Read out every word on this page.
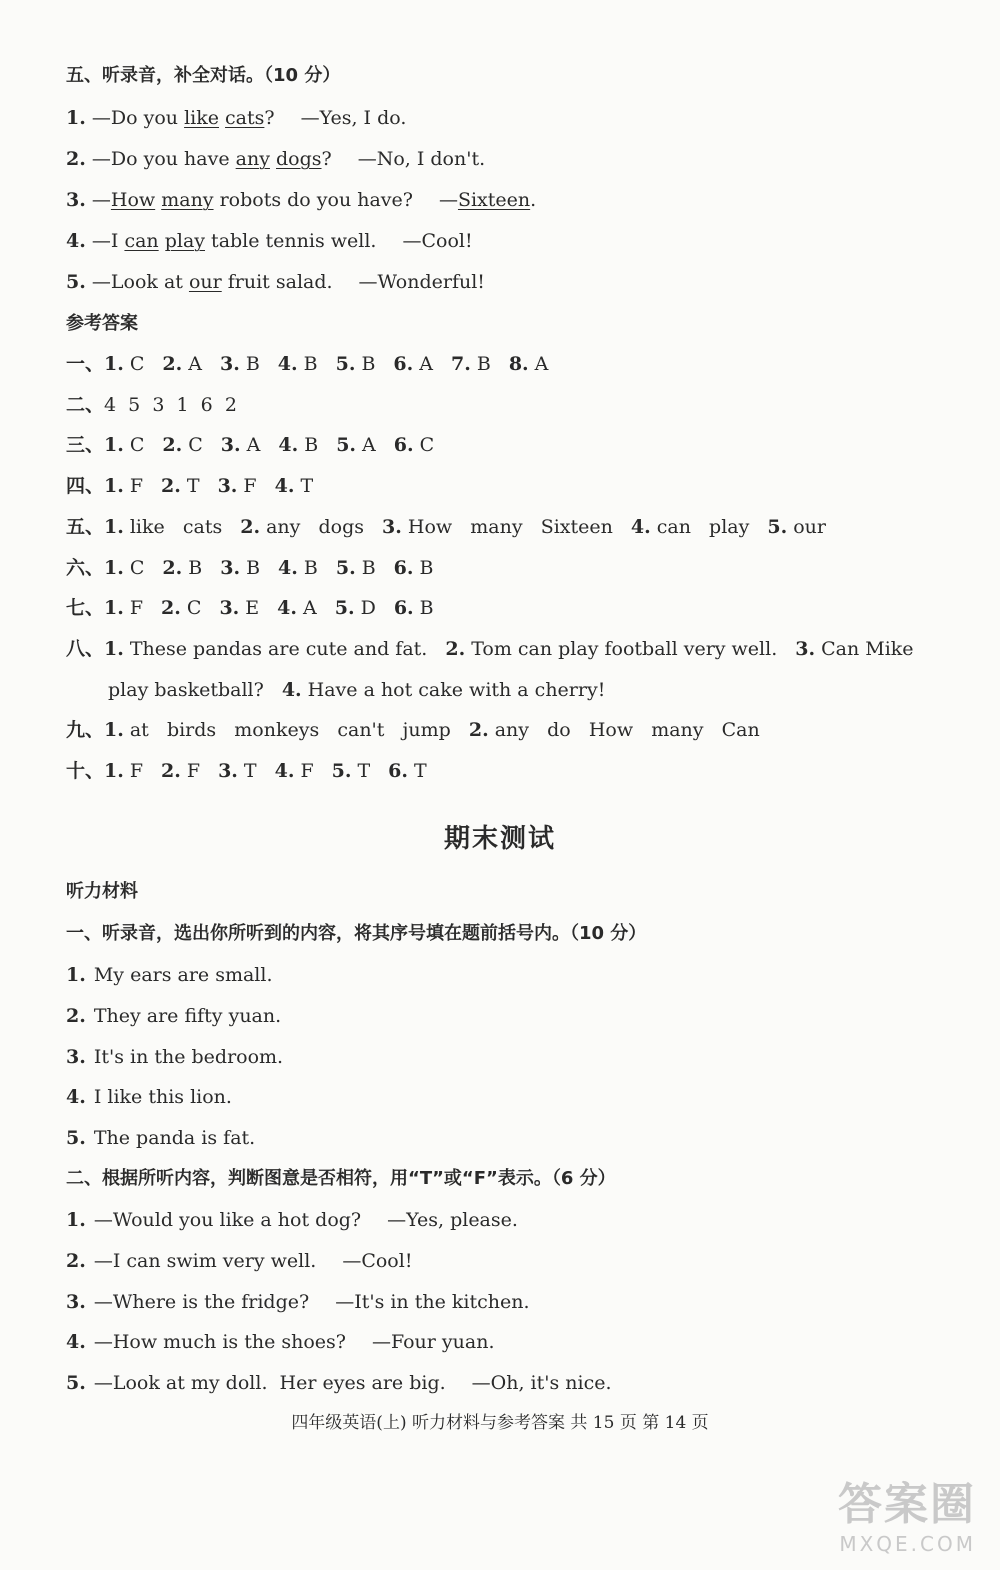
五、听录音，补全对话。（10 分）
1. —Do you like cats? —Yes, I do.
2. —Do you have any dogs? —No, I don't.
3. —How many robots do you have? —Sixteen.
4. —I can play table tennis well. —Cool!
5. —Look at our fruit salad. —Wonderful!
参考答案
一、1. C 2. A 3. B 4. B 5. B 6. A 7. B 8. A
二、4  5  3  1  6  2
三、1. C 2. C 3. A 4. B 5. A 6. C
四、1. F 2. T 3. F 4. T
五、1. like   cats 2. any   dogs 3. How   many   Sixteen 4. can   play 5. our
六、1. C 2. B 3. B 4. B 5. B 6. B
七、1. F 2. C 3. E 4. A 5. D 6. B
八、1. These pandas are cute and fat. 2. Tom can play football very well. 3. Can Mike
play basketball? 4. Have a hot cake with a cherry!
九、1. at   birds   monkeys   can't   jump 2. any   do   How   many   Can
十、1. F 2. F 3. T 4. F 5. T 6. T
期末测试
听力材料
一、听录音，选出你所听到的内容，将其序号填在题前括号内。（10 分）
1. My ears are small.
2. They are fifty yuan.
3. It's in the bedroom.
4. I like this lion.
5. The panda is fat.
二、根据所听内容，判断图意是否相符，用“T”或“F”表示。（6 分）
1. —Would you like a hot dog? —Yes, please.
2. —I can swim very well. —Cool!
3. —Where is the fridge? —It's in the kitchen.
4. —How much is the shoes? —Four yuan.
5. —Look at my doll.  Her eyes are big. —Oh, it's nice.
四年级英语(上) 听力材料与参考答案 共 15 页 第 14 页
答案圈
MXQE.COM
